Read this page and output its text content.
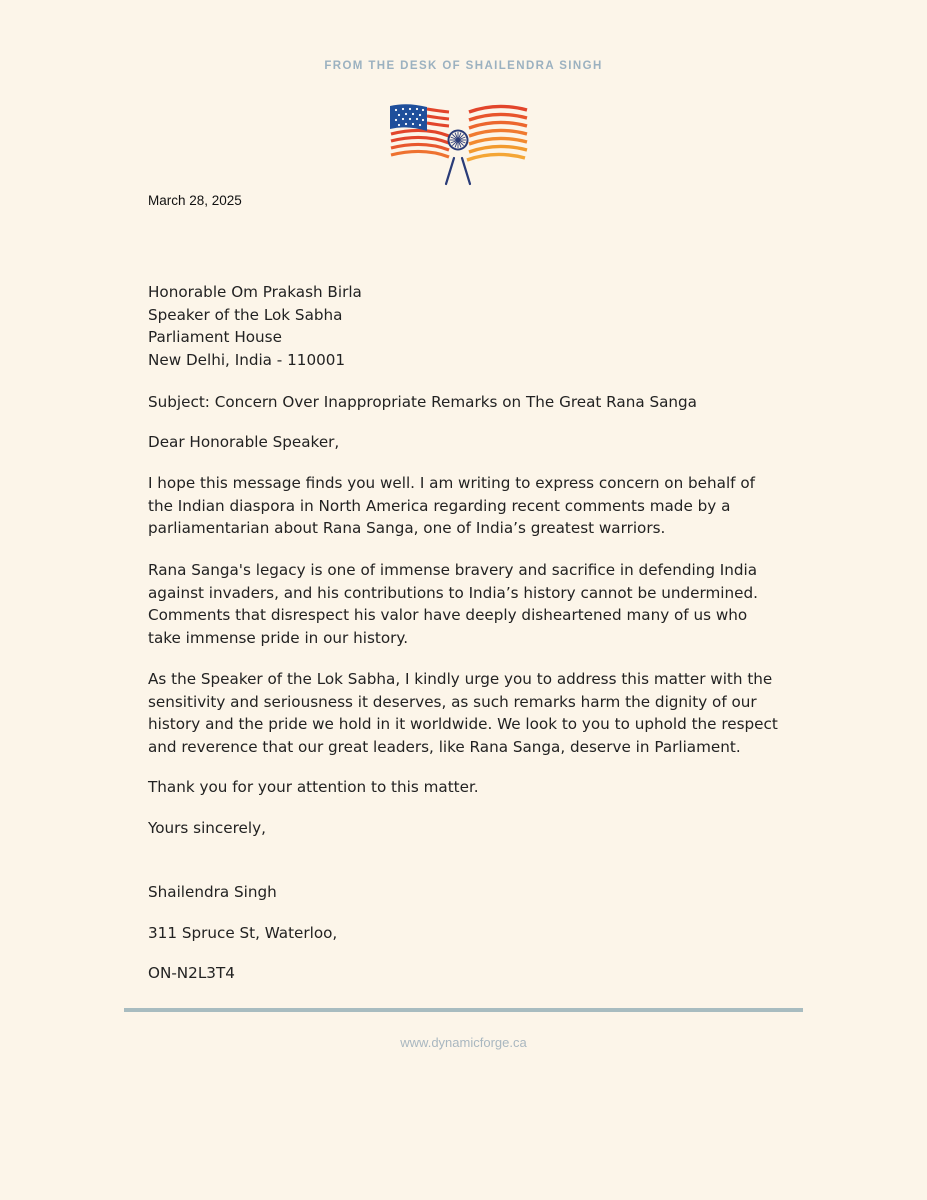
FROM THE DESK OF SHAILENDRA SINGH
March 28, 2025
Honorable Om Prakash Birla
Speaker of the Lok Sabha
Parliament House
New Delhi, India - 110001
Subject: Concern Over Inappropriate Remarks on The Great Rana Sanga
Dear Honorable Speaker,

I hope this message finds you well. I am writing to express concern on behalf of the Indian diaspora in North America regarding recent comments made by a parliamentarian about Rana Sanga, one of India’s greatest warriors.

Rana Sanga's legacy is one of immense bravery and sacrifice in defending India against invaders, and his contributions to India’s history cannot be undermined. Comments that disrespect his valor have deeply disheartened many of us who take immense pride in our history.

As the Speaker of the Lok Sabha, I kindly urge you to address this matter with the sensitivity and seriousness it deserves, as such remarks harm the dignity of our history and the pride we hold in it worldwide. We look to you to uphold the respect and reverence that our great leaders, like Rana Sanga, deserve in Parliament.

Thank you for your attention to this matter.
Yours sincerely,
Shailendra Singh
311 Spruce St, Waterloo,
ON-N2L3T4
www.dynamicforge.ca
